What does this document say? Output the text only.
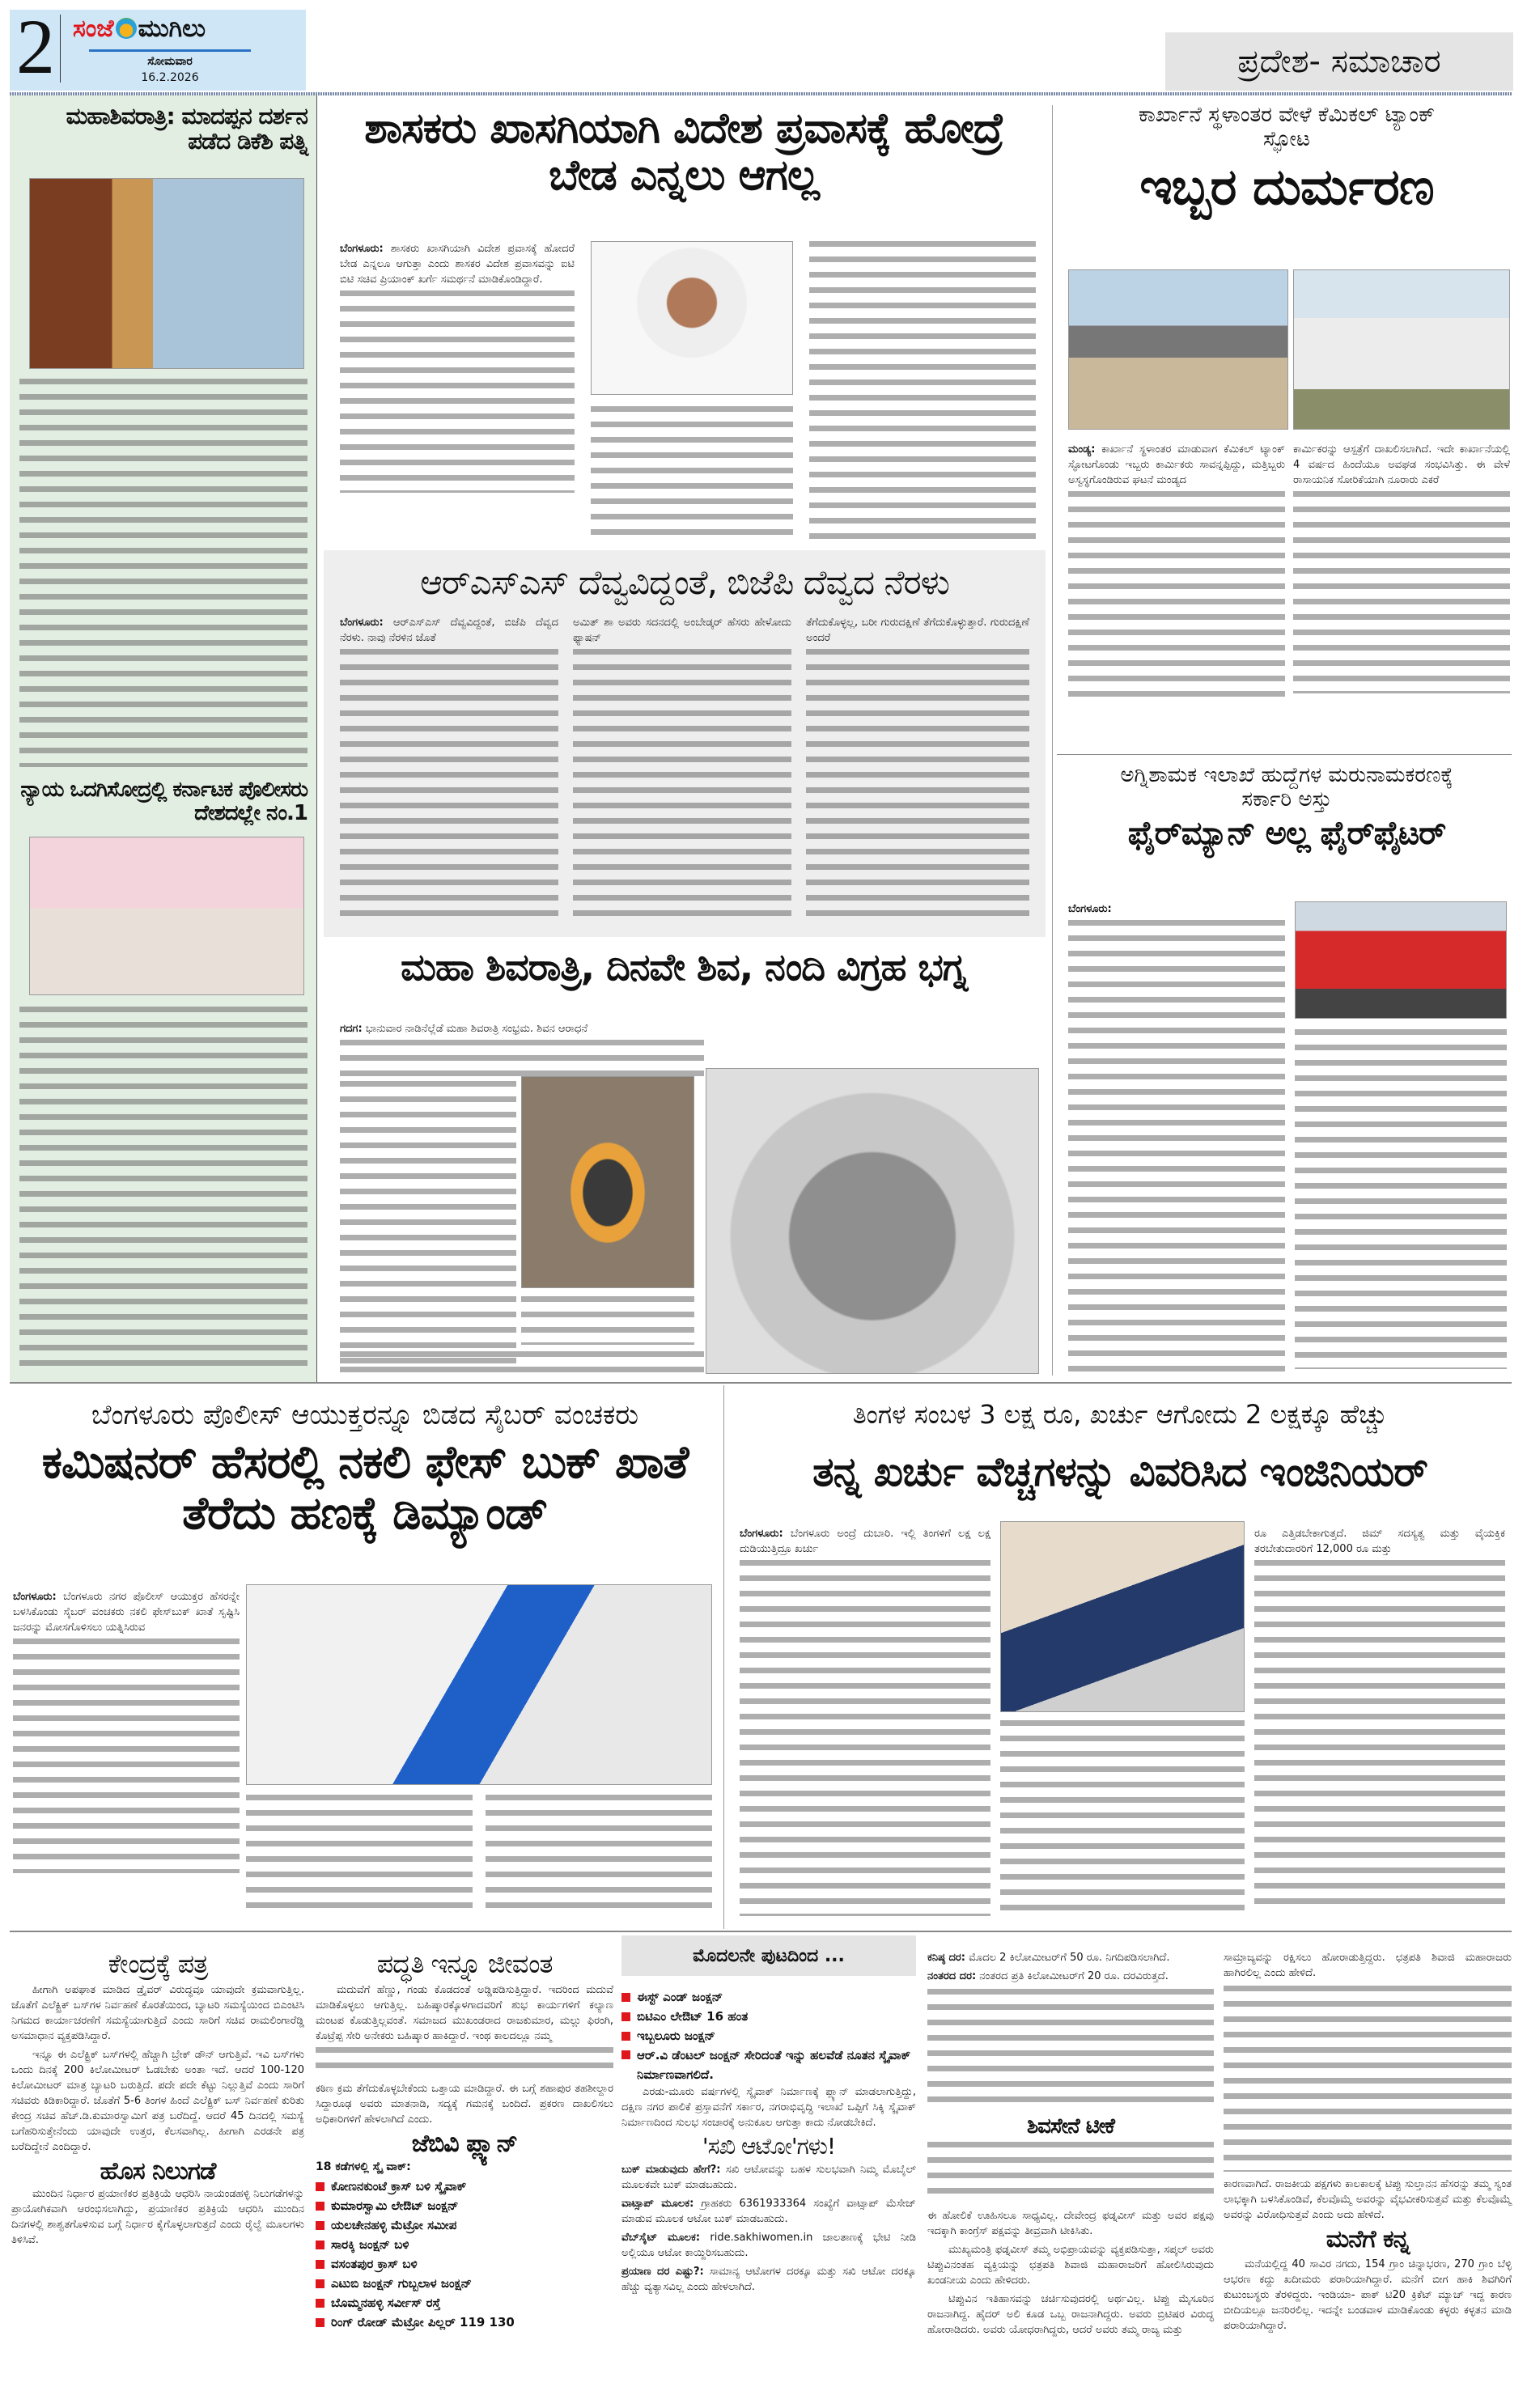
2 ಸಂಜೆ ಮುಗಿಲು
ಸೋಮವಾರ
16.2.2026	ಪ್ರದೇಶ- ಸಮಾಚಾರ
ಮಹಾಶಿವರಾತ್ರಿ: ಮಾದಪ್ಪನ ದರ್ಶನ ಪಡೆದ ಡಿಕೆಶಿ ಪತ್ನಿ
ನ್ಯಾಯ ಒದಗಿಸೋದ್ರಲ್ಲಿ ಕರ್ನಾಟಕ ಪೊಲೀಸರು ದೇಶದಲ್ಲೇ ನಂ.1
ಶಾಸಕರು ಖಾಸಗಿಯಾಗಿ ವಿದೇಶ ಪ್ರವಾಸಕ್ಕೆ ಹೋದ್ರೆ ಬೇಡ ಎನ್ನಲು ಆಗಲ್ಲ

ಬೆಂಗಳೂರು: ಶಾಸಕರು ಖಾಸಗಿಯಾಗಿ ವಿದೇಶ ಪ್ರವಾಸಕ್ಕೆ ಹೋದರೆ ಬೇಡ ಎನ್ನಲೂ ಆಗುತ್ತಾ ಎಂದು ಶಾಸಕರ ವಿದೇಶ ಪ್ರವಾಸವನ್ನು ಐಟಿ ಬಿಟಿ ಸಚಿವ ಪ್ರಿಯಾಂಕ್ ಖರ್ಗೆ ಸಮರ್ಥನೆ ಮಾಡಿಕೊಂಡಿದ್ದಾರೆ.

ಕಾರ್ಖಾನೆ ಸ್ಥಳಾಂತರ ವೇಳೆ ಕೆಮಿಕಲ್ ಟ್ಯಾಂಕ್ ಸ್ಫೋಟ

ಇಬ್ಬರ ದುರ್ಮರಣ

ಮಂಡ್ಯ: ಕಾರ್ಖಾನೆ ಸ್ಥಳಾಂತರ ಮಾಡುವಾಗ ಕೆಮಿಕಲ್ ಟ್ಯಾಂಕ್ ಸ್ಫೋಟಗೊಂಡು ಇಬ್ಬರು ಕಾರ್ಮಿಕರು ಸಾವನ್ನಪ್ಪಿದ್ದು, ಮತ್ತಿಬ್ಬರು ಅಸ್ವಸ್ಥಗೊಂಡಿರುವ ಘಟನೆ ಮಂಡ್ಯದ

ಕಾರ್ಮಿಕರನ್ನು ಆಸ್ಪತ್ರೆಗೆ ದಾಖಲಿಸಲಾಗಿದೆ. ಇದೇ ಕಾರ್ಖಾನೆಯಲ್ಲಿ 4 ವರ್ಷದ ಹಿಂದೆಯೂ ಅವಘಡ ಸಂಭವಿಸಿತ್ತು. ಈ ವೇಳೆ ರಾಸಾಯನಿಕ ಸೋರಿಕೆಯಾಗಿ ನೂರಾರು ಎಕರೆ

ಅಗ್ನಿಶಾಮಕ ಇಲಾಖೆ ಹುದ್ದೆಗಳ ಮರುನಾಮಕರಣಕ್ಕೆ ಸರ್ಕಾರಿ ಅಸ್ತು

ಫೈರ್‌ಮ್ಯಾನ್ ಅಲ್ಲ ಫೈರ್‌ಫೈಟರ್

ಬೆಂಗಳೂರು:

ಆರ್‌ಎಸ್‌ಎಸ್ ದೆವ್ವವಿದ್ದಂತೆ, ಬಿಜೆಪಿ ದೆವ್ವದ ನೆರಳು

ಬೆಂಗಳೂರು: ಆರ್‌ಎಸ್‌ಎಸ್ ದೆವ್ವವಿದ್ದಂತೆ, ಬಿಜೆಪಿ ದೆವ್ವದ ನೆರಳು. ನಾವು ನೆರಳಿನ ಜೊತೆ

ಅಮಿತ್ ಶಾ ಅವರು ಸದನದಲ್ಲಿ ಅಂಬೇಡ್ಕರ್ ಹೆಸರು ಹೇಳೋದು ಫ್ಯಾಷನ್

ತೆಗೆದುಕೊಳ್ಳಲ್ಲ, ಬರೀ ಗುರುದಕ್ಷಿಣೆ ತೆಗೆದುಕೊಳ್ಳುತ್ತಾರೆ. ಗುರುದಕ್ಷಿಣೆ ಅಂದರೆ

ಮಹಾ ಶಿವರಾತ್ರಿ, ದಿನವೇ ಶಿವ, ನಂದಿ ವಿಗ್ರಹ ಭಗ್ನ

ಗದಗ: ಭಾನುವಾರ ನಾಡಿನೆಲ್ಲೆಡೆ ಮಹಾ ಶಿವರಾತ್ರಿ ಸಂಭ್ರಮ. ಶಿವನ ಆರಾಧನೆ

ಬೆಂಗಳೂರು ಪೊಲೀಸ್ ಆಯುಕ್ತರನ್ನೂ ಬಿಡದ ಸೈಬರ್ ವಂಚಕರು

ಕಮಿಷನರ್ ಹೆಸರಲ್ಲಿ ನಕಲಿ ಫೇಸ್ ಬುಕ್ ಖಾತೆ ತೆರೆದು ಹಣಕ್ಕೆ ಡಿಮ್ಯಾಂಡ್

ಬೆಂಗಳೂರು: ಬೆಂಗಳೂರು ನಗರ ಪೊಲೀಸ್ ಆಯುಕ್ತರ ಹೆಸರನ್ನೇ ಬಳಸಿಕೊಂಡು ಸೈಬರ್ ವಂಚಕರು ನಕಲಿ ಫೇಸ್‌ಬುಕ್ ಖಾತೆ ಸೃಷ್ಟಿಸಿ ಜನರನ್ನು ಮೋಸಗೊಳಿಸಲು ಯತ್ನಿಸಿರುವ

ತಿಂಗಳ ಸಂಬಳ 3 ಲಕ್ಷ ರೂ, ಖರ್ಚು ಆಗೋದು 2 ಲಕ್ಷಕ್ಕೂ ಹೆಚ್ಚು

ತನ್ನ ಖರ್ಚು ವೆಚ್ಚಗಳನ್ನು ವಿವರಿಸಿದ ಇಂಜಿನಿಯರ್

ಬೆಂಗಳೂರು: ಬೆಂಗಳೂರು ಅಂದ್ರೆ ದುಬಾರಿ. ಇಲ್ಲಿ ತಿಂಗಳಿಗೆ ಲಕ್ಷ ಲಕ್ಷ ದುಡಿಯುತ್ತಿದ್ರೂ ಖರ್ಚು

ರೂ ಎತ್ತಿಡಬೇಕಾಗುತ್ತದೆ. ಜಿಮ್ ಸದಸ್ಯತ್ವ ಮತ್ತು ವೈಯಕ್ತಿಕ ತರಬೇತುದಾರರಿಗೆ 12,000 ರೂ ಮತ್ತು

ಕೇಂದ್ರಕ್ಕೆ ಪತ್ರ

ಹೀಗಾಗಿ ಅಪಘಾತ ಮಾಡಿದ ಡ್ರೈವರ್ ವಿರುದ್ಧವೂ ಯಾವುದೇ ಕ್ರಮವಾಗುತ್ತಿಲ್ಲ. ಜೊತೆಗೆ ಎಲೆಕ್ಟ್ರಿಕ್ ಬಸ್‌ಗಳ ನಿರ್ವಹಣೆ ಕೊರತೆಯಿಂದ, ಬ್ಯಾಟರಿ ಸಮಸ್ಯೆಯಿಂದ ಬಿಎಂಟಿಸಿ ನಿಗಮದ ಕಾರ್ಯಾಚರಣೆಗೆ ಸಮಸ್ಯೆಯಾಗುತ್ತಿದೆ ಎಂದು ಸಾರಿಗೆ ಸಚಿವ ರಾಮಲಿಂಗಾರೆಡ್ಡಿ ಅಸಮಾಧಾನ ವ್ಯಕ್ತಪಡಿಸಿದ್ದಾರೆ.

ಇನ್ನೂ ಈ ಎಲೆಕ್ಟ್ರಿಕ್ ಬಸ್‌ಗಳಲ್ಲಿ ಹೆಚ್ಚಾಗಿ ಬ್ರೇಕ್ ಡೌನ್ ಆಗುತ್ತಿವೆ. ಇವಿ ಬಸ್‌ಗಳು ಒಂದು ದಿನಕ್ಕೆ 200 ಕಿಲೋಮೀಟರ್ ಓಡಬೇಕು ಅಂತಾ ಇದೆ. ಆದರೆ 100-120 ಕಿಲೋಮೀಟರ್ ಮಾತ್ರ ಬ್ಯಾಟರಿ ಬರುತ್ತಿದೆ. ಪದೇ ಪದೇ ಕೆಟ್ಟು ನಿಲ್ಲುತ್ತಿವೆ ಎಂದು ಸಾರಿಗೆ ಸಚಿವರು ಕಿಡಿಕಾರಿದ್ದಾರೆ. ಜೊತೆಗೆ 5-6 ತಿಂಗಳ ಹಿಂದೆ ಎಲೆಕ್ಟ್ರಿಕ್ ಬಸ್ ನಿರ್ವಹಣೆ ಕುರಿತು ಕೇಂದ್ರ ಸಚಿವ ಹೆಚ್.ಡಿ.ಕುಮಾರಸ್ವಾಮಿಗೆ ಪತ್ರ ಬರೆದಿದ್ದೆ. ಆದರೆ 45 ದಿನದಲ್ಲಿ ಸಮಸ್ಯೆ ಬಗೆಹರಿಸುತ್ತೇನೆಂದು ಯಾವುದೇ ಉತ್ತರ, ಕೆಲಸವಾಗಿಲ್ಲ. ಹೀಗಾಗಿ ಎರಡನೇ ಪತ್ರ ಬರೆದಿದ್ದೇನೆ ಎಂದಿದ್ದಾರೆ.

ಹೊಸ ನಿಲುಗಡೆ

ಮುಂದಿನ ನಿರ್ಧಾರ ಪ್ರಯಾಣಿಕರ ಪ್ರತಿಕ್ರಿಯೆ ಆಧರಿಸಿ ನಾಯಂಡಹಳ್ಳಿ ನಿಲುಗಡೆಗಳನ್ನು ಪ್ರಾಯೋಗಿಕವಾಗಿ ಆರಂಭಿಸಲಾಗಿದ್ದು, ಪ್ರಯಾಣಿಕರ ಪ್ರತಿಕ್ರಿಯೆ ಆಧರಿಸಿ ಮುಂದಿನ ದಿನಗಳಲ್ಲಿ ಶಾಶ್ವತಗೊಳಿಸುವ ಬಗ್ಗೆ ನಿರ್ಧಾರ ಕೈಗೊಳ್ಳಲಾಗುತ್ತದೆ ಎಂದು ರೈಲ್ವೆ ಮೂಲಗಳು ತಿಳಿಸಿವೆ.

ಪದ್ಧತಿ ಇನ್ನೂ ಜೀವಂತ

ಮದುವೆಗೆ ಹೆಣ್ಣು, ಗಂಡು ಕೊಡದಂತೆ ಅಡ್ಡಿಪಡಿಸುತ್ತಿದ್ದಾರೆ. ಇದರಿಂದ ಮದುವೆ ಮಾಡಿಕೊಳ್ಳಲು ಆಗುತ್ತಿಲ್ಲ. ಬಹಿಷ್ಕಾರಕ್ಕೊಳಗಾದವರಿಗೆ ಶುಭ ಕಾರ್ಯಗಳಿಗೆ ಕಲ್ಯಾಣ ಮಂಟಪ ಕೊಡುತ್ತಿಲ್ಲವಂತೆ. ಸಮಾಜದ ಮುಖಂಡರಾದ ರಾಜಕುಮಾರ, ಮಲ್ಲು ಫಿರಂಗಿ, ಕೊಟ್ರೆಪ್ಪ ಸೇರಿ ಅನೇಕರು ಬಹಿಷ್ಕಾರ ಹಾಕಿದ್ದಾರೆ. ಇಂಥ ಕಾಲದಲ್ಲೂ ನಮ್ಮ

ಕಠಿಣ ಕ್ರಮ ತೆಗೆದುಕೊಳ್ಳಬೇಕೆಂದು ಒತ್ತಾಯ ಮಾಡಿದ್ದಾರೆ. ಈ ಬಗ್ಗೆ ಶಹಾಪುರ ತಹಶೀಲ್ದಾರ ಸಿದ್ದಾರೂಢ ಅವರು ಮಾತನಾಡಿ, ಸದ್ಯಕ್ಕೆ ಗಮನಕ್ಕೆ ಬಂದಿದೆ. ಪ್ರಕರಣ ದಾಖಲಿಸಲು ಅಧಿಕಾರಿಗಳಿಗೆ ಹೇಳಲಾಗಿದೆ ಎಂದು.

ಜೆಬಿವಿ ಪ್ಲ್ಯಾನ್
18 ಕಡೆಗಳಲ್ಲಿ ಸ್ಕೈ ವಾಕ್:
ಕೋಣನಕುಂಟೆ ಕ್ರಾಸ್ ಬಳಿ ಸ್ಕೈವಾಕ್
ಕುಮಾರಸ್ವಾಮಿ ಲೇಔಟ್ ಜಂಕ್ಷನ್
ಯಲಚೇನಹಳ್ಳಿ ಮೆಟ್ರೋ ಸಮೀಪ
ಸಾರಕ್ಕಿ ಜಂಕ್ಷನ್ ಬಳಿ
ವಸಂತಪುರ ಕ್ರಾಸ್ ಬಳಿ
ಎಟುಬಿ ಜಂಕ್ಷನ್ ಗುಬ್ಬಲಾಳ ಜಂಕ್ಷನ್
ಬೊಮ್ಮನಹಳ್ಳಿ ಸರ್ವೀಸ್ ರಸ್ತೆ
ರಿಂಗ್ ರೋಡ್ ಮೆಟ್ರೋ ಪಿಲ್ಲರ್ 119 130
ಮೊದಲನೇ ಪುಟದಿಂದ ...
ಈಸ್ಟ್ ಎಂಡ್ ಜಂಕ್ಷನ್
ಬಿಟಿಎಂ ಲೇಔಟ್ 16 ಹಂತ
ಇಬ್ಬಲೂರು ಜಂಕ್ಷನ್
ಆರ್.ವಿ ಡೆಂಟಲ್ ಜಂಕ್ಷನ್ ಸೇರಿದಂತೆ ಇನ್ನು ಹಲವೆಡೆ ನೂತನ ಸ್ಕೈವಾಕ್ ನಿರ್ಮಾಣವಾಗಲಿದೆ.

ಎರಡು-ಮೂರು ವರ್ಷಗಳಲ್ಲಿ ಸ್ಕೈವಾಕ್ ನಿರ್ಮಾಣಕ್ಕೆ ಪ್ಲ್ಯಾನ್ ಮಾಡಲಾಗುತ್ತಿದ್ದು, ದಕ್ಷಿಣ ನಗರ ಪಾಲಿಕೆ ಪ್ರಸ್ತಾವನೆಗೆ ಸರ್ಕಾರ, ನಗರಾಭಿವೃದ್ಧಿ ಇಲಾಖೆ ಒಪ್ಪಿಗೆ ಸಿಕ್ಕಿ ಸ್ಕೈವಾಕ್ ನಿರ್ಮಾಣದಿಂದ ಸುಲಭ ಸಂಚಾರಕ್ಕೆ ಅನುಕೂಲ ಆಗುತ್ತಾ ಕಾದು ನೋಡಬೇಕಿದೆ.

'ಸಖಿ ಆಟೋ'ಗಳು!

ಬುಕ್ ಮಾಡುವುದು ಹೇಗೆ?: ಸಖಿ ಆಟೋವನ್ನು ಬಹಳ ಸುಲಭವಾಗಿ ನಿಮ್ಮ ಮೊಬೈಲ್ ಮೂಲಕವೇ ಬುಕ್ ಮಾಡಬಹುದು.

ವಾಟ್ಸಾಪ್ ಮೂಲಕ: ಗ್ರಾಹಕರು 6361933364 ಸಂಖ್ಯೆಗೆ ವಾಟ್ಸಾಪ್ ಮೆಸೇಜ್ ಮಾಡುವ ಮೂಲಕ ಆಟೋ ಬುಕ್ ಮಾಡಬಹುದು.

ವೆಬ್‌ಸೈಟ್ ಮೂಲಕ: ride.sakhiwomen.in ಜಾಲತಾಣಕ್ಕೆ ಭೇಟಿ ನೀಡಿ ಅಲ್ಲಿಯೂ ಆಟೋ ಕಾಯ್ದಿರಿಸಬಹುದು.

ಪ್ರಯಾಣ ದರ ಎಷ್ಟು?: ಸಾಮಾನ್ಯ ಆಟೋಗಳ ದರಕ್ಕೂ ಮತ್ತು ಸಖಿ ಆಟೋ ದರಕ್ಕೂ ಹೆಚ್ಚು ವ್ಯತ್ಯಾಸವಿಲ್ಲ ಎಂದು ಹೇಳಲಾಗಿದೆ.

ಕನಿಷ್ಠ ದರ: ಮೊದಲ 2 ಕಿಲೋಮೀಟರ್‌ಗೆ 50 ರೂ. ನಿಗದಿಪಡಿಸಲಾಗಿದೆ.

ನಂತರದ ದರ: ನಂತರದ ಪ್ರತಿ ಕಿಲೋಮೀಟರ್‌ಗೆ 20 ರೂ. ದರವಿರುತ್ತದೆ.

ಶಿವಸೇನೆ ಟೀಕೆ

ಈ ಹೋಲಿಕೆ ಊಹಿಸಲೂ ಸಾಧ್ಯವಿಲ್ಲ. ದೇವೇಂದ್ರ ಫಡ್ನವೀಸ್ ಮತ್ತು ಅವರ ಪಕ್ಷವು ಇದಕ್ಕಾಗಿ ಕಾಂಗ್ರೆಸ್ ಪಕ್ಷವನ್ನು ತೀವ್ರವಾಗಿ ಟೀಕಿಸಿತು.

ಮುಖ್ಯಮಂತ್ರಿ ಫಡ್ನವೀಸ್ ತಮ್ಮ ಅಭಿಪ್ರಾಯವನ್ನು ವ್ಯಕ್ತಪಡಿಸುತ್ತಾ, ಸಪ್ಕಲ್ ಅವರು ಟಿಪ್ಪುವಿನಂತಹ ವ್ಯಕ್ತಿಯನ್ನು ಛತ್ರಪತಿ ಶಿವಾಜಿ ಮಹಾರಾಜರಿಗೆ ಹೋಲಿಸಿರುವುದು ಖಂಡನೀಯ ಎಂದು ಹೇಳಿದರು.

ಟಿಪ್ಪುವಿನ ಇತಿಹಾಸವನ್ನು ಚರ್ಚಿಸುವುದರಲ್ಲಿ ಅರ್ಥವಿಲ್ಲ. ಟಿಪ್ಪು ಮೈಸೂರಿನ ರಾಜನಾಗಿದ್ದ. ಹೈದರ್ ಅಲಿ ಕೂಡ ಒಬ್ಬ ರಾಜನಾಗಿದ್ದರು. ಅವರು ಬ್ರಿಟಿಷರ ವಿರುದ್ಧ ಹೋರಾಡಿದರು. ಅವರು ಯೋಧರಾಗಿದ್ದರು, ಆದರೆ ಅವರು ತಮ್ಮ ರಾಜ್ಯ ಮತ್ತು

ಸಾಮ್ರಾಜ್ಯವನ್ನು ರಕ್ಷಿಸಲು ಹೋರಾಡುತ್ತಿದ್ದರು. ಛತ್ರಪತಿ ಶಿವಾಜಿ ಮಹಾರಾಜರು ಹಾಗಿರಲಿಲ್ಲ ಎಂದು ಹೇಳಿದೆ.

ಕಾರಣವಾಗಿದೆ. ರಾಜಕೀಯ ಪಕ್ಷಗಳು ಕಾಲಕಾಲಕ್ಕೆ ಟಿಪ್ಪು ಸುಲ್ತಾನನ ಹೆಸರನ್ನು ತಮ್ಮ ಸ್ವಂತ ಲಾಭಕ್ಕಾಗಿ ಬಳಸಿಕೊಂಡಿವೆ, ಕೆಲವೊಮ್ಮೆ ಅವರನ್ನು ವೈಭವೀಕರಿಸುತ್ತವೆ ಮತ್ತು ಕೆಲವೊಮ್ಮೆ ಅವರನ್ನು ವಿರೋಧಿಸುತ್ತವೆ ಎಂದು ಅದು ಹೇಳಿದೆ.

ಮನೆಗೆ ಕನ್ನ

ಮನೆಯಲ್ಲಿದ್ದ 40 ಸಾವಿರ ನಗದು, 154 ಗ್ರಾಂ ಚಿನ್ನಾಭರಣ, 270 ಗ್ರಾಂ ಬೆಳ್ಳಿ ಆಭರಣ ಕದ್ದು ಖದೀಮರು ಪರಾರಿಯಾಗಿದ್ದಾರೆ. ಮನೆಗೆ ಬೀಗ ಹಾಕಿ ಶಿವಗಿರಿಗೆ ಕುಟುಂಬಸ್ಥರು ತೆರಳಿದ್ದರು. ಇಂಡಿಯಾ- ಪಾಕ್ ಟಿ20 ಕ್ರಿಕೆಟ್ ಮ್ಯಾಚ್ ಇದ್ದ ಕಾರಣ ಬೀದಿಯಲ್ಲೂ ಜನರಿರಲಿಲ್ಲ. ಇದನ್ನೇ ಬಂಡವಾಳ ಮಾಡಿಕೊಂಡು ಕಳ್ಳರು ಕಳ್ಳತನ ಮಾಡಿ ಪರಾರಿಯಾಗಿದ್ದಾರೆ.
